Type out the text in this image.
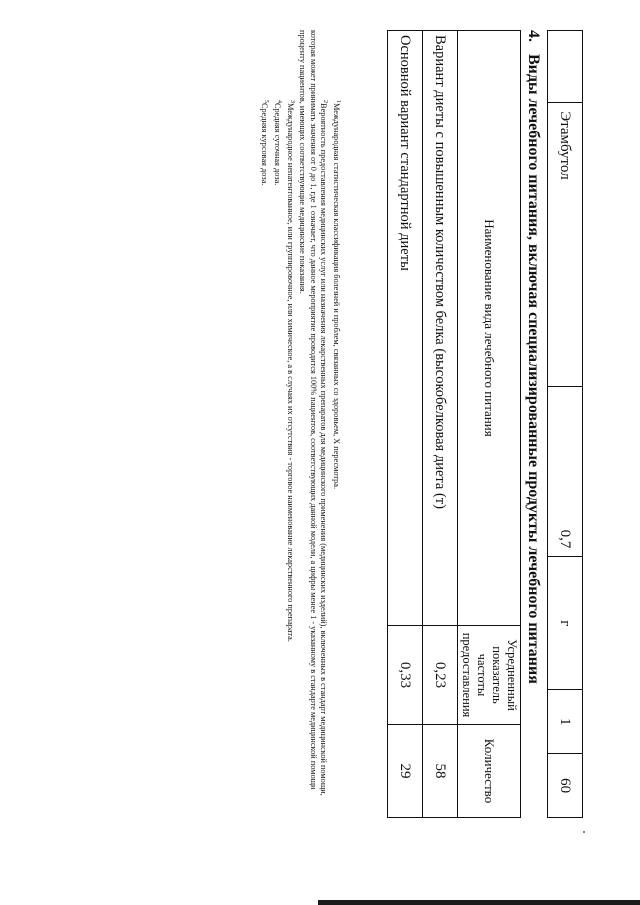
	Этамбутол	0,7	г	1	60
4.Виды лечебного питания, включая специализированные продукты лечебного питания
Наименование вида лечебного питания	Усредненный показатель частоты предоставления	Количество
Вариант диеты с повышенным количеством белка (высокобелковая диета (т)	0,23	58
Основной вариант стандартной диеты	0,33	29

$^1$Международная статистическая классификация болезней и проблем, связанных со здоровьем, X пересмотра.

$^2$Вероятность предоставления медицинских услуг или назначения лекарственных препаратов для медицинского применения (медицинских изделий), включенных в стандарт медицинской помощи, которая может принимать значения от 0 до 1, где 1 означает, что данное мероприятие проводится 100% пациентов, соответствующих данной модели, а цифры менее 1 - указанному в стандарте медицинской помощи проценту пациентов, имеющих соответствующие медицинские показания.

$^3$Международное непатентованное, или группировочное, или химическое, а в случаях их отсутствия - торговое наименование лекарственного препарата.

$^4$Средняя суточная доза.

$^5$Средняя курсовая доза.
